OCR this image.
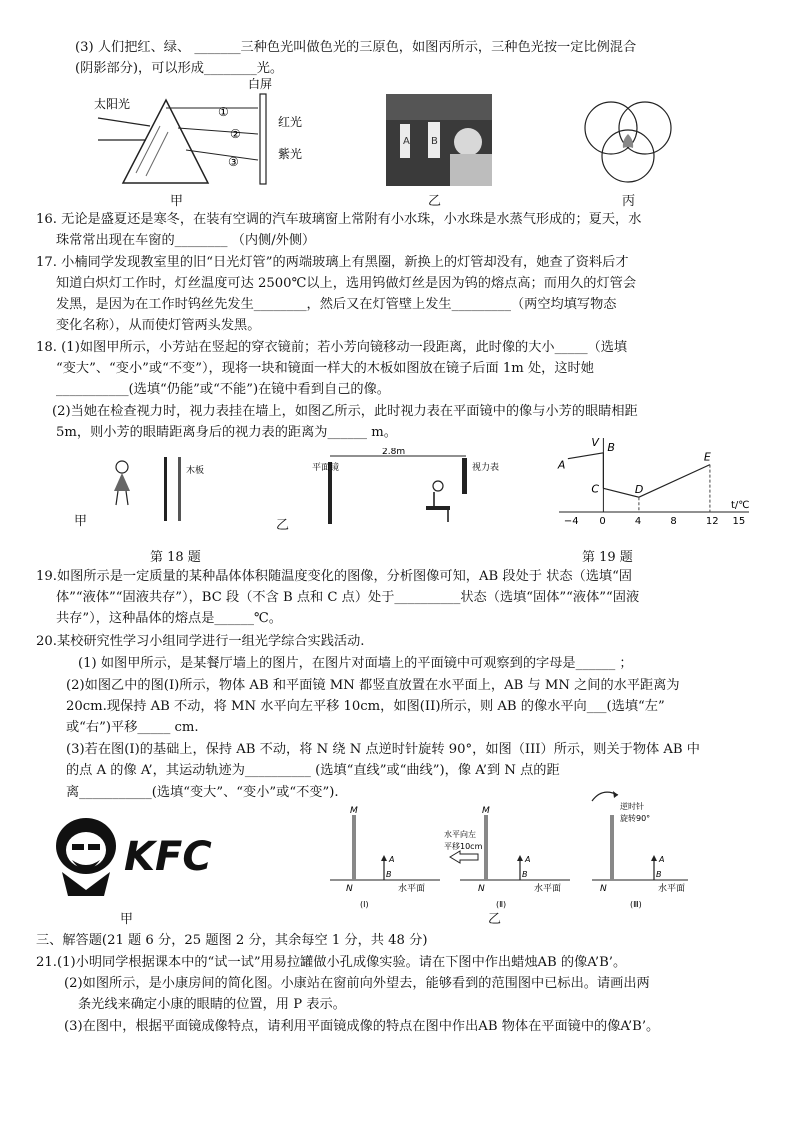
(3) 人们把红、绿、 _______三种色光叫做色光的三原色，如图丙所示，三种色光按一定比例混合
(阴影部分)，可以形成________光。
太阳光
白屏
①
②
③
红光
紫光
甲
A B
乙	丙
16. 无论是盛夏还是寒冬，在装有空调的汽车玻璃窗上常附有小水珠，小水珠是水蒸气形成的；夏天，水
珠常常出现在车窗的________ （内侧/外侧）
17. 小楠同学发现教室里的旧“日光灯管”的两端玻璃上有黑圈，新换上的灯管却没有，她查了资料后才
知道白炽灯工作时，灯丝温度可达 2500℃以上，选用钨做灯丝是因为钨的熔点高；而用久的灯管会
发黑，是因为在工作时钨丝先发生________，然后又在灯管壁上发生_________（两空均填写物态
变化名称），从而使灯管两头发黑。
18. (1)如图甲所示，小芳站在竖起的穿衣镜前；若小芳向镜移动一段距离，此时像的大小_____（选填
“变大”、“变小”或“不变”），现将一块和镜面一样大的木板如图放在镜子后面 1m 处，这时她
___________(选填“仍能”或“不能”)在镜中看到自己的像。
(2)当她在检查视力时，视力表挂在墙上，如图乙所示，此时视力表在平面镜中的像与小芳的眼睛相距
5m，则小芳的眼睛距离身后的视力表的距离为______ m。
木板
甲
2.8m
平面镜	视力表
乙
第 18 题
V
t/℃
−4 0	4	8	12 15
A
B
C	D
E
第 19 题
19.如图所示是一定质量的某种晶体体积随温度变化的图像，分析图像可知，AB 段处于 状态（选填“固
体”“液体”“固液共存”），BC 段（不含 B 点和 C 点）处于__________状态（选填“固体”“液体”“固液
共存”），这种晶体的熔点是______℃。
20.某校研究性学习小组同学进行一组光学综合实践活动.
(1) 如图甲所示，是某餐厅墙上的图片，在图片对面墙上的平面镜中可观察到的字母是______ ；
(2)如图乙中的图(I)所示，物体 AB 和平面镜 MN 都竖直放置在水平面上，AB 与 MN 之间的水平距离为
20cm.现保持 AB 不动，将 MN 水平向左平移 10cm，如图(II)所示，则 AB 的像水平向___(选填“左”
或“右”)平移_____ cm.
(3)若在图(I)的基础上，保持 AB 不动，将 N 绕 N 点逆时针旋转 90°，如图（III）所示，则关于物体 AB 中
的点 A 的像 A’，其运动轨迹为__________ (选填“直线”或“曲线”)，像 A’到 N 点的距
离___________(选填“变大”、“变小”或“不变”).
KFC
甲
M
N
A
B
水平面
(Ⅰ)
M
N
水平向左
平移10cm
A
B
水平面
(Ⅱ)
N
逆时针
旋转90°
A
B
水平面
(Ⅲ)
乙
三、解答题(21 题 6 分，25 题图 2 分，其余每空 1 分，共 48 分)
21.(1)小明同学根据课本中的“试一试”用易拉罐做小孔成像实验。请在下图中作出蜡烛AB 的像A’B’。
(2)如图所示，是小康房间的简化图。小康站在窗前向外望去，能够看到的范围图中已标出。请画出两
条光线来确定小康的眼睛的位置，用 P 表示。
(3)在图中，根据平面镜成像特点，请利用平面镜成像的特点在图中作出AB 物体在平面镜中的像A’B’。
